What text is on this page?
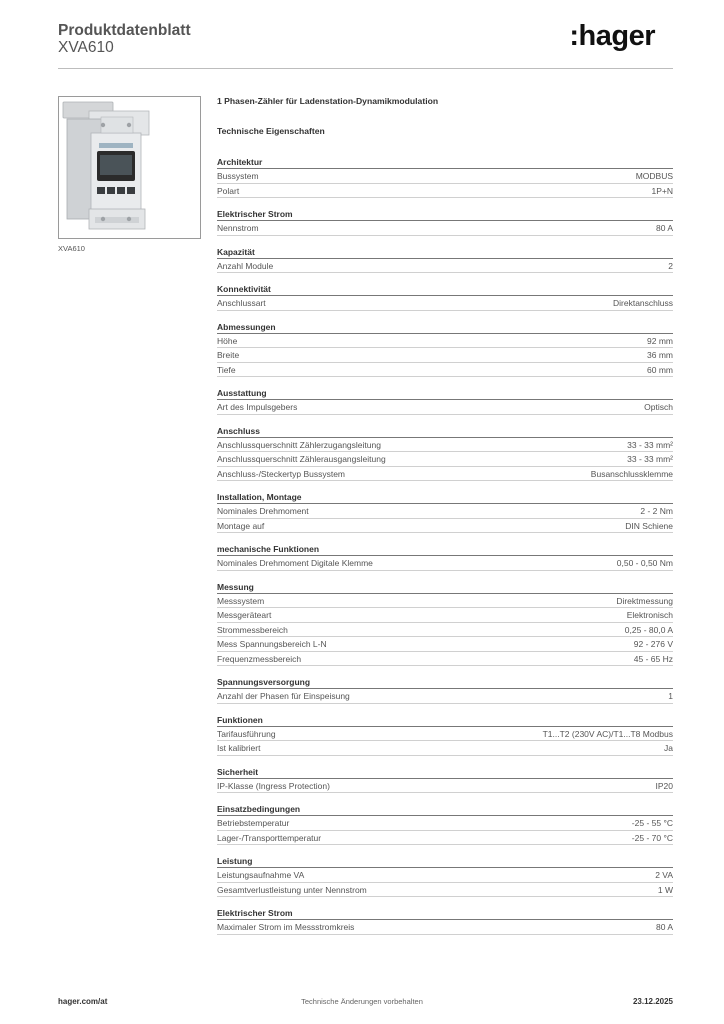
Produktdatenblatt
XVA610	:hager
XVA610
1 Phasen-Zähler für Ladenstation-Dynamikmodulation
Technische Eigenschaften
Architektur
Bussystem	MODBUS
Polart	1P+N
Elektrischer Strom
Nennstrom	80 A
Kapazität
Anzahl Module	2
Konnektivität
Anschlussart	Direktanschluss
Abmessungen
Höhe	92 mm
Breite	36 mm
Tiefe	60 mm
Ausstattung
Art des Impulsgebers	Optisch
Anschluss
Anschlussquerschnitt Zählerzugangsleitung	33 - 33 mm²
Anschlussquerschnitt Zählerausgangsleitung	33 - 33 mm²
Anschluss-/Steckertyp Bussystem	Busanschlussklemme
Installation, Montage
Nominales Drehmoment	2 - 2 Nm
Montage auf	DIN Schiene
mechanische Funktionen
Nominales Drehmoment Digitale Klemme	0,50 - 0,50 Nm
Messung
Messsystem	Direktmessung
Messgeräteart	Elektronisch
Strommessbereich	0,25 - 80,0 A
Mess Spannungsbereich L-N	92 - 276 V
Frequenzmessbereich	45 - 65 Hz
Spannungsversorgung
Anzahl der Phasen für Einspeisung	1
Funktionen
Tarifausführung	T1...T2 (230V AC)/T1...T8 Modbus
Ist kalibriert	Ja
Sicherheit
IP-Klasse (Ingress Protection)	IP20
Einsatzbedingungen
Betriebstemperatur	-25 - 55 °C
Lager-/Transporttemperatur	-25 - 70 °C
Leistung
Leistungsaufnahme VA	2 VA
Gesamtverlustleistung unter Nennstrom	1 W
Elektrischer Strom
Maximaler Strom im Messstromkreis	80 A
hager.com/at	Technische Änderungen vorbehalten	23.12.2025
